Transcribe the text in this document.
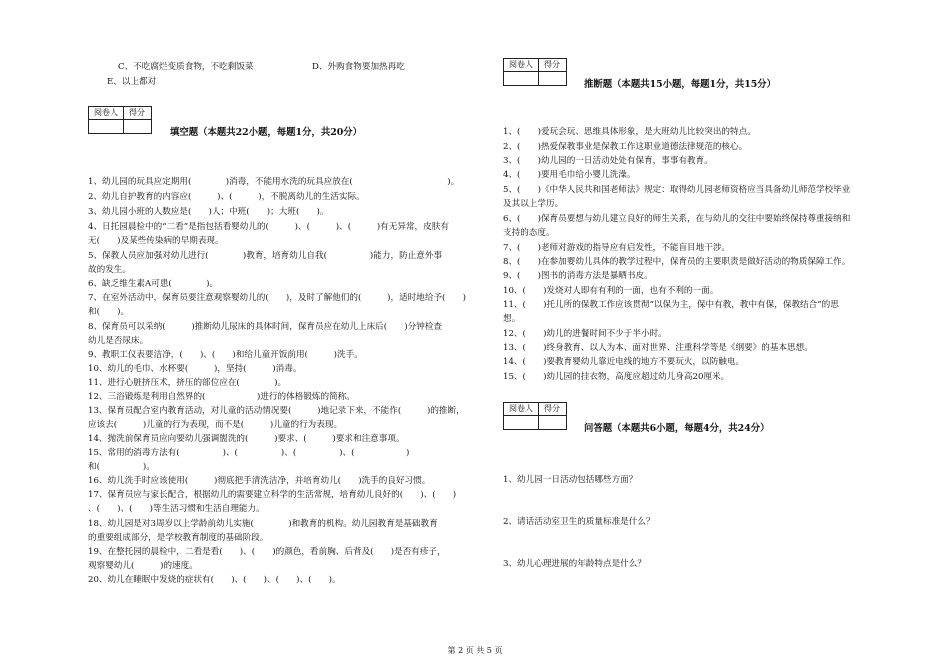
C、不吃腐烂变质食物，不吃剩饭菜	D、外购食物要加热再吃
E、以上都对
阅卷人	得分
填空题（本题共22小题，每题1分，共20分）
1、幼儿园的玩具应定期用(　　　　)消毒，不能用水洗的玩具应放在(　　　　　　　　　　　)。
2、幼儿自护教育的内容应(　　　)、(　　　)，不脱离幼儿的生活实际。
3、幼儿园小班的人数应是(　　)人；中班(　　)；大班(　　)。
4、日托园晨检中的“二看”是指包括看婴幼儿的(　　　)、(　　　)、(　　　)有无异常，皮肤有
无(　　)及某些传染病的早期表现。
5、保教人员应加强对幼儿进行(　　　　)教育，培育幼儿自我(　　　　　)能力，防止意外事
故的发生。
6、缺乏维生素A可患(　　　　)。
7、在室外活动中，保育员要注意观察婴幼儿的(　　)，及时了解他们的(　　　)，适时地给予(　　)
和(　　)。
8、保育员可以采纳(　　　)推断幼儿尿床的具体时间，保育员应在幼儿上床后(　　)分钟检查
幼儿是否尿床。
9、教职工仪表要洁净，(　　)、(　　)和给儿童开饭前用(　　　)洗手。
10、幼儿的毛巾、水杯要(　　　)，坚持(　　　)消毒。
11、进行心脏挤压术，挤压的部位应在(　　　　)。
12、三浴锻炼是利用自然界的(　　　　　　)进行的体格锻炼的简称。
13、保育员配合室内教育活动，对儿童的活动情况要(　　　)地记录下来，不能作(　　　)的推断，
应该去(　　　)儿童的行为表现，而不是(　　　)儿童的行为表现。
14、抛洗前保育员应向要幼儿强调盥洗的(　　　)要求、(　　　)要求和注意事项。
15、常用的消毒方法有(　　　　　)、(　　　　　)、(　　　　　)、(　　　　　　)
和(　　　　　)。
16、幼儿洗手时应该使用(　　　)彻底把手清洗洁净，并培育幼儿(　　)洗手的良好习惯。
17、保育员应与家长配合，根据幼儿的需要建立科学的生活常规，培育幼儿良好的(　　)、(　　)
、(　　)、(　　)等生活习惯和生活自理能力。
18、幼儿园是对3周岁以上学龄前幼儿实施(　　　　)和教育的机构。幼儿园教育是基础教育
的重要组成部分，是学校教育制度的基础阶段。
19、在整托园的晨检中，二看是看(　　)、(　　)的颜色，看前胸、后背及(　　)是否有疹子，
观察婴幼儿(　　　)的速度。
20、幼儿在睡眠中发烧的症状有(　　)、(　　)、(　　)、(　　)。
阅卷人	得分
推断题（本题共15小题，每题1分，共15分）
1、(　　)爱玩会玩、思维具体形象，是大班幼儿比较突出的特点。
2、(　　)热爱保教事业是保教工作这职业道德法律规范的核心。
3、(　　)幼儿园的一日活动处处有保育，事事有教育。
4、(　　)要用毛巾给小婴儿洗澡。
5、(　　)《中华人民共和国老师法》规定：取得幼儿园老师资格应当具备幼儿师范学校毕业
及其以上学历。
6、(　　)保育员要想与幼儿建立良好的师生关系，在与幼儿的交往中要始终保持尊重接纳和
支持的态度。
7、(　　)老师对游戏的指导应有启发性，不能盲目地干涉。
8、(　　)在参加婴幼儿具体的教学过程中，保育员的主要职责是做好活动的物质保障工作。
9、(　　)图书的消毒方法是暴晒书皮。
10、(　　)发烧对人即有有利的一面，也有不利的一面。
11、(　　)托儿所的保教工作应该贯彻“以保为主，保中有教，教中有保，保教结合”的思
想。
12、(　　)幼儿的进餐时间不少于半小时。
13、(　　)终身教育、以人为本、面对世界、注重科学等是《纲要》的基本思想。
14、(　　)要教育婴幼儿靠近电线的地方不要玩火，以防触电。
15、(　　)幼儿园的挂衣物，高度应超过幼儿身高20厘米。
阅卷人	得分
问答题（本题共6小题，每题4分，共24分）
1、幼儿园一日活动包括哪些方面？
2、请话活动室卫生的质量标准是什么？
3、幼儿心理进展的年龄特点是什么？
第 2 页 共 5 页
